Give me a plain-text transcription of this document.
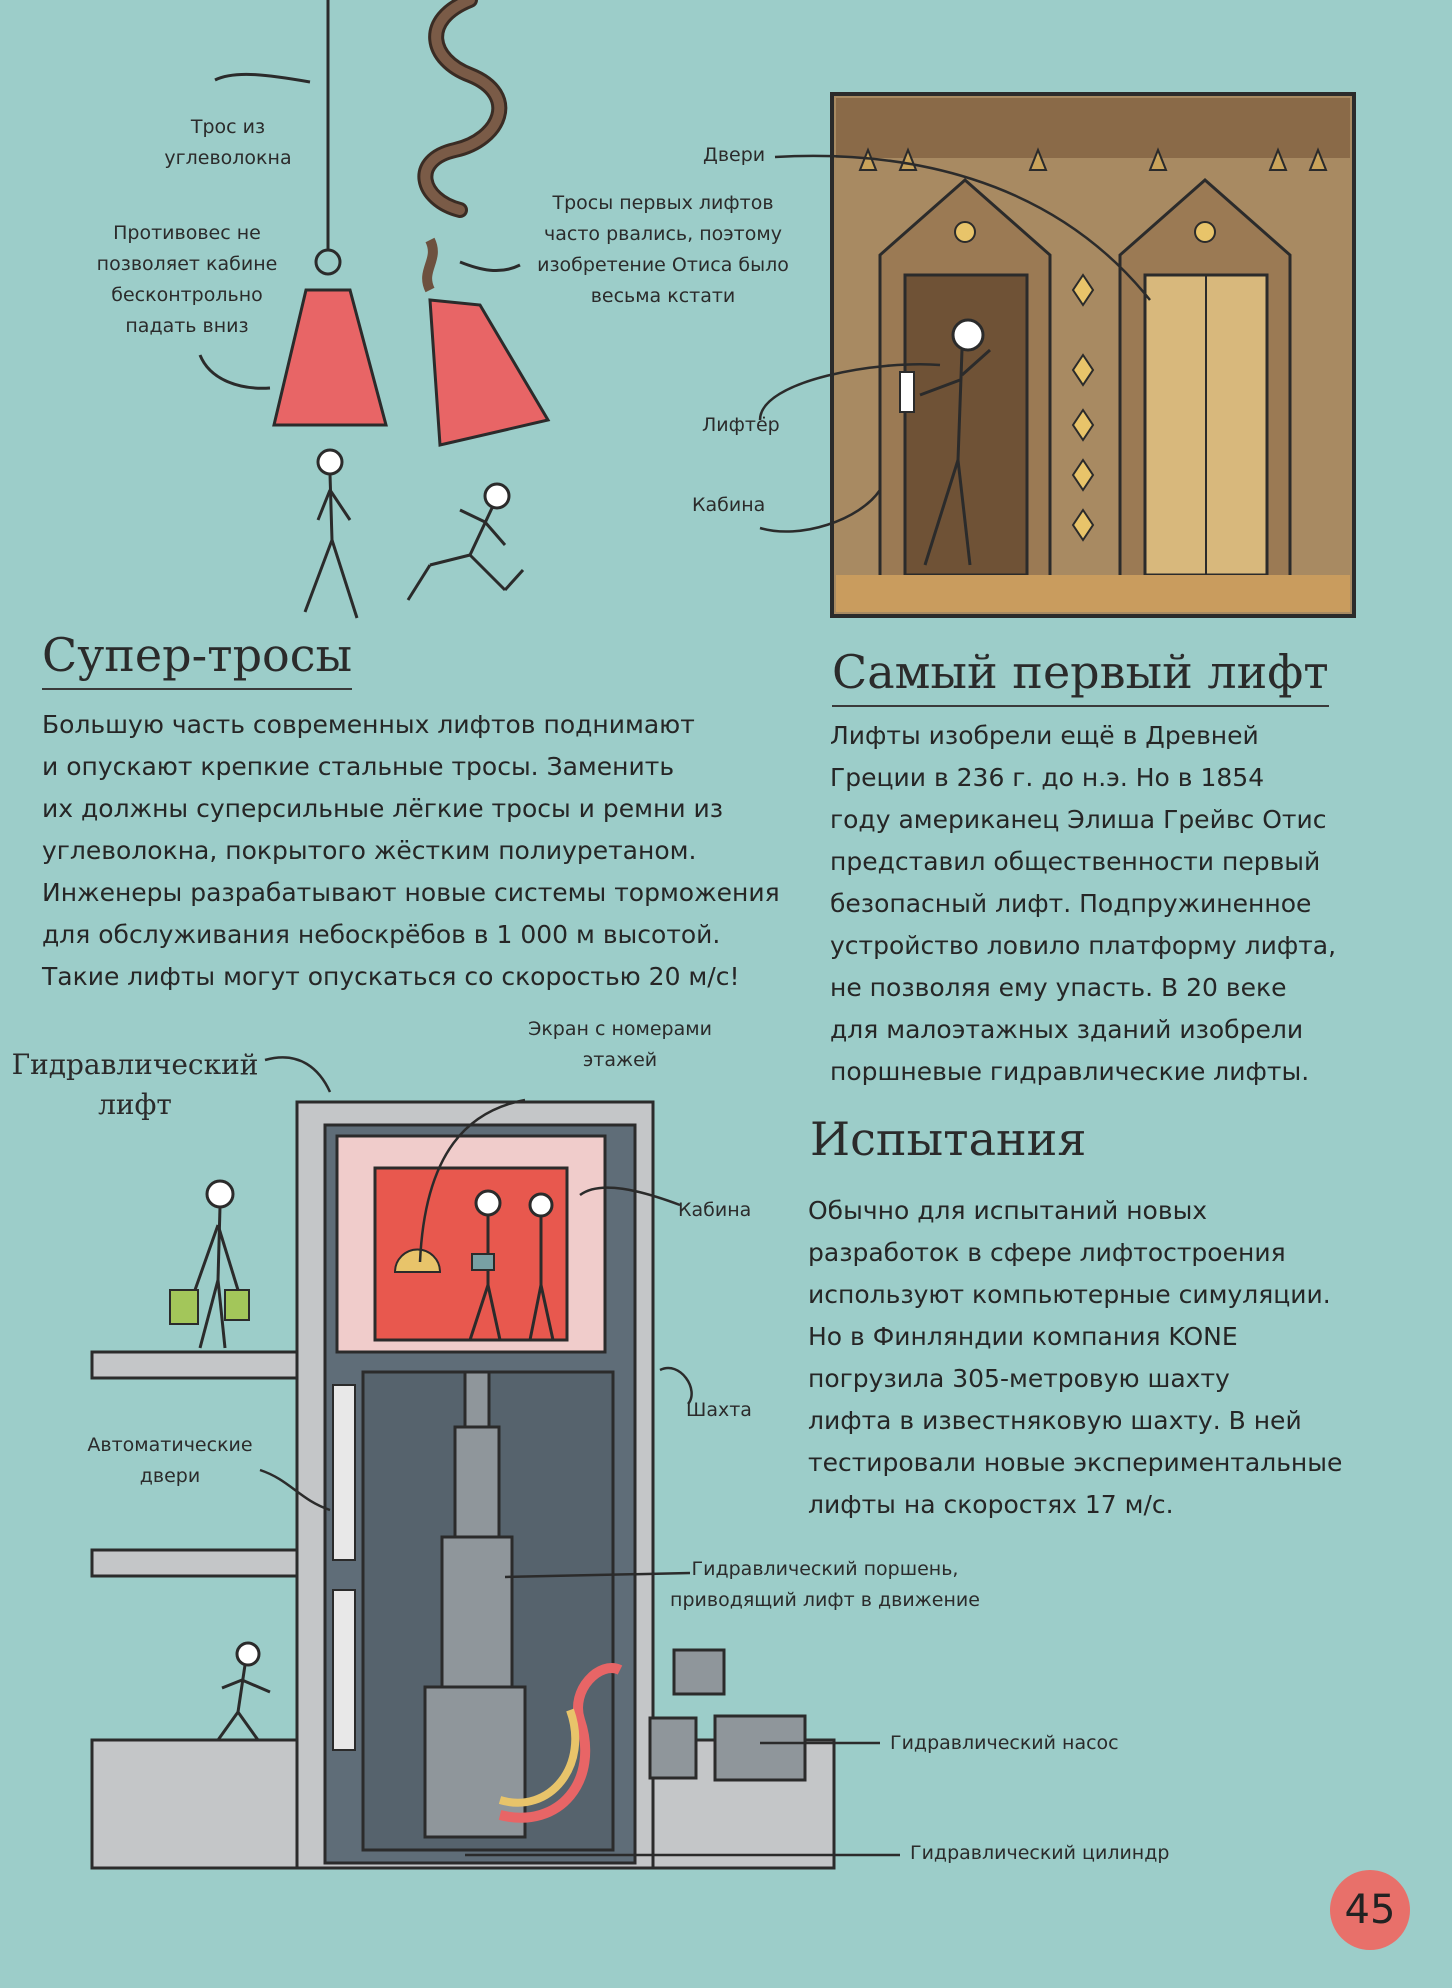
Трос из
углеволокна
Противовес не
позволяет кабине
бесконтрольно
падать вниз
Тросы первых лифтов
часто рвались, поэтому
изобретение Отиса было
весьма кстати
Двери
Лифтёр
Кабина
Супер-тросы

Большую часть современных лифтов поднимают

и опускают крепкие стальные тросы. Заменить

их должны суперсильные лёгкие тросы и ремни из

углеволокна, покрытого жёстким полиуретаном.

Инженеры разрабатывают новые системы торможения

для обслуживания небоскрёбов в 1 000 м высотой.

Такие лифты могут опускаться со скоростью 20 м/с!

Самый первый лифт

Лифты изобрели ещё в Древней

Греции в 236 г. до н.э. Но в 1854

году американец Элиша Грейвс Отис

представил общественности первый

безопасный лифт. Подпружиненное

устройство ловило платформу лифта,

не позволяя ему упасть. В 20 веке

для малоэтажных зданий изобрели

поршневые гидравлические лифты.

Испытания

Обычно для испытаний новых

разработок в сфере лифтостроения

используют компьютерные симуляции.

Но в Финляндии компания KONE

погрузила 305-метровую шахту

лифта в известняковую шахту. В ней

тестировали новые экспериментальные

лифты на скоростях 17 м/с.

Гидравлический
лифт
Экран с номерами
этажей
Кабина
Шахта
Автоматические
двери
Гидравлический поршень,
приводящий лифт в движение
Гидравлический насос
Гидравлический цилиндр
45
